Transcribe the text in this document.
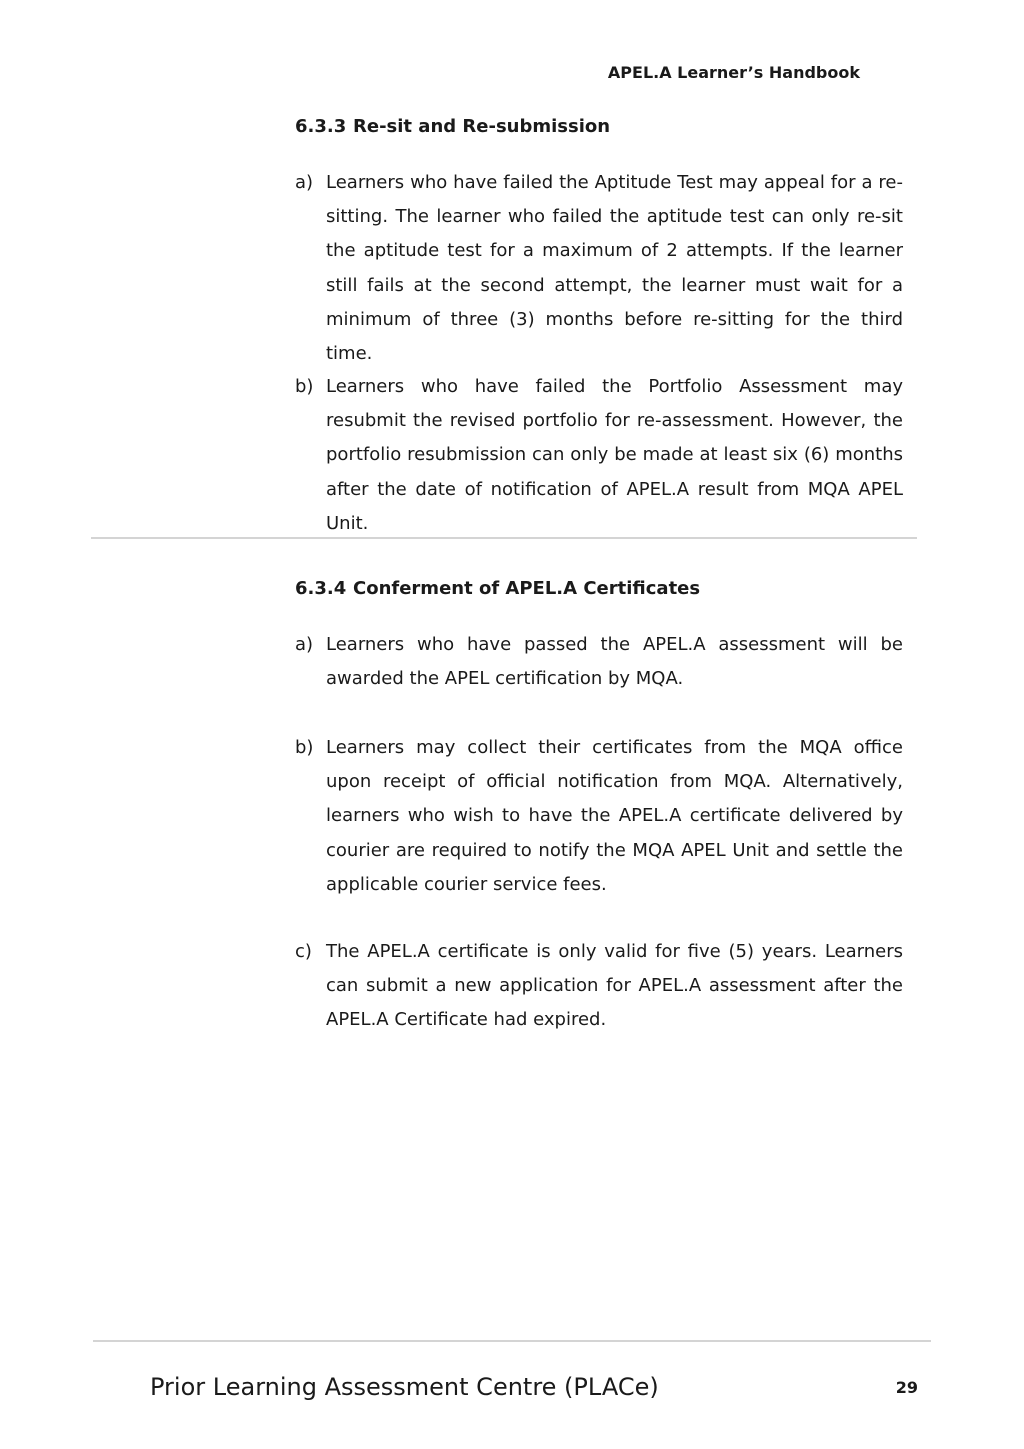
APEL.A Learner’s Handbook
6.3.3 Re-sit and Re-submission
a) Learners who have failed the Aptitude Test may appeal for a re-sitting. The learner who failed the aptitude test can only re-sit the aptitude test for a maximum of 2 attempts. If the learner still fails at the second attempt, the learner must wait for a minimum of three (3) months before re-sitting for the third time.
b) Learners who have failed the Portfolio Assessment may resubmit the revised portfolio for re-assessment. However, the portfolio resubmission can only be made at least six (6) months after the date of notification of APEL.A result from MQA APEL Unit.
6.3.4 Conferment of APEL.A Certificates
a) Learners who have passed the APEL.A assessment will be awarded the APEL certification by MQA.
b) Learners may collect their certificates from the MQA office upon receipt of official notification from MQA. Alternatively, learners who wish to have the APEL.A certificate delivered by courier are required to notify the MQA APEL Unit and settle the applicable courier service fees.
c) The APEL.A certificate is only valid for five (5) years. Learners can submit a new application for APEL.A assessment after the APEL.A Certificate had expired.
Prior Learning Assessment Centre (PLACe)	29
